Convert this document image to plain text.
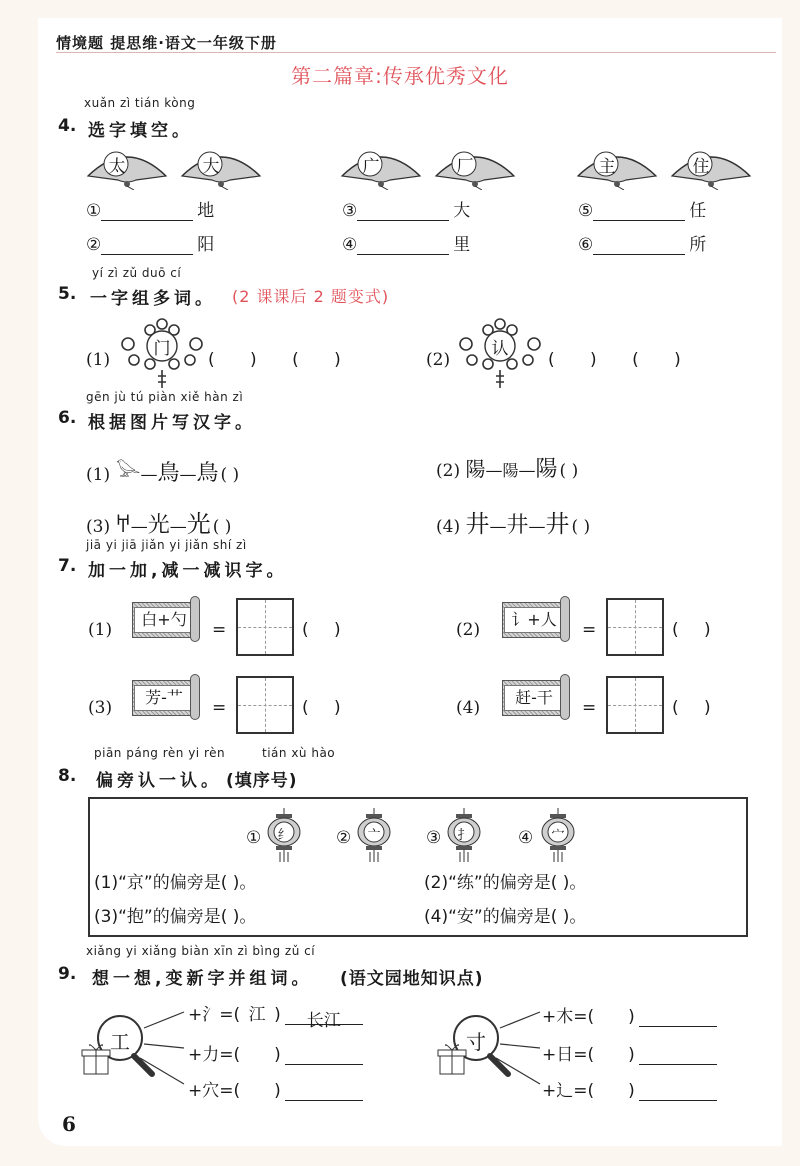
情境题 提思维·语文一年级下册
第二篇章:传承优秀文化
xuǎn zì tián kòng
4. 选字填空。
太	大	广	厂	主	住
①	地
②	阳
③	大
④	里
⑤	任
⑥	所
yí zì zǔ duō cí
5. 一字组多词。 (2 课课后 2 题变式)
(1)
门
( ) ( )	(2)
认
( ) ( )
gēn jù tú piàn xiě hàn zì
6. 根据图片写汉字。
(1) 𓅪—鳥—鳥 ( )	(2) 陽—陽—陽 ( )
(3) 𐀀—光—光 ( )	(4) 井—井—井 ( )
jiā yi jiā jiǎn yi jiǎn shí zì
7. 加一加,减一减识字。
(1)
白+勺
=	( )	(2)
讠+人
=	( )
(3)
芳-艹
=	( )	(4)
赶-干
=	( )
piān páng rèn yi rèn	tián xù hào
8. 偏旁认一认。 (填序号)
① 纟	② 亠	③ 扌	④ 宀
(1)“京”的偏旁是( )。	(2)“练”的偏旁是( )。
(3)“抱”的偏旁是( )。	(4)“安”的偏旁是( )。
xiǎng yi xiǎng biàn xīn zì bìng zǔ cí
9. 想一想,变新字并组词。 (语文园地知识点)
工
+氵=( 江 ) 长江
+力=( )
+穴=( )
寸
+木=( )
+日=( )
+辶=( )
6
